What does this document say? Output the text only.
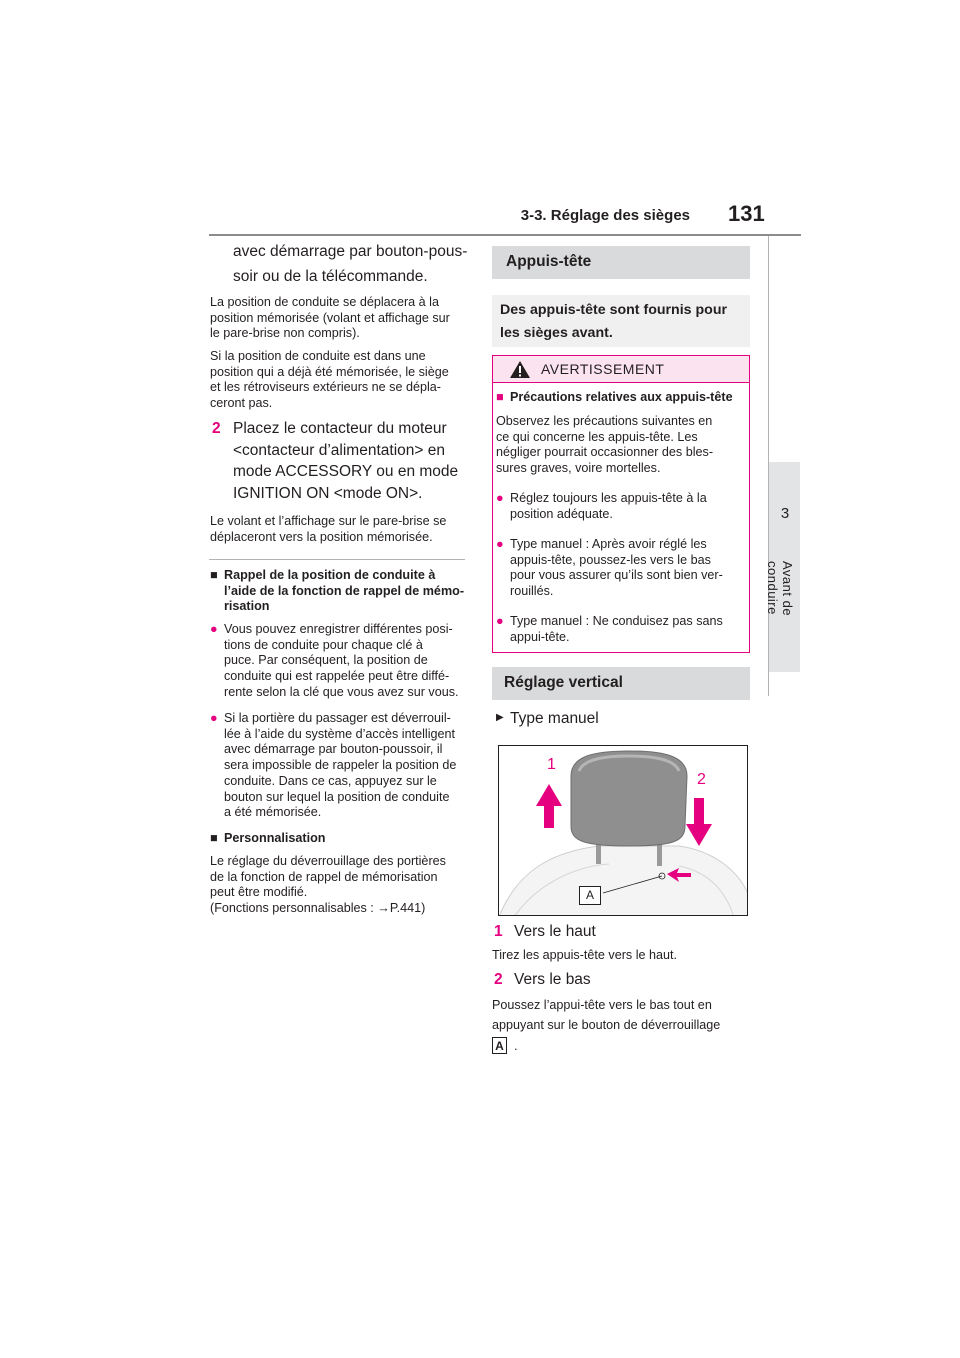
3-3. Réglage des sièges 131
3
Avant de conduire
avec démarrage par bouton-pous-
soir ou de la télécommande.
La position de conduite se déplacera à la
position mémorisée (volant et affichage sur
le pare-brise non compris).
Si la position de conduite est dans une
position qui a déjà été mémorisée, le siège
et les rétroviseurs extérieurs ne se dépla-
ceront pas.
2 Placez le contacteur du moteur
<contacteur d’alimentation> en
mode ACCESSORY ou en mode
IGNITION ON <mode ON>.
Le volant et l’affichage sur le pare-brise se
déplaceront vers la position mémorisée.
■ Rappel de la position de conduite à
l’aide de la fonction de rappel de mémo-
risation
● Vous pouvez enregistrer différentes posi-
tions de conduite pour chaque clé à
puce. Par conséquent, la position de
conduite qui est rappelée peut être diffé-
rente selon la clé que vous avez sur vous.
● Si la portière du passager est déverrouil-
lée à l’aide du système d’accès intelligent
avec démarrage par bouton-poussoir, il
sera impossible de rappeler la position de
conduite. Dans ce cas, appuyez sur le
bouton sur lequel la position de conduite
a été mémorisée.
■ Personnalisation
Le réglage du déverrouillage des portières
de la fonction de rappel de mémorisation
peut être modifié.
(Fonctions personnalisables : →P.441)
Appuis-tête
Des appuis-tête sont fournis pour
les sièges avant.
AVERTISSEMENT
■ Précautions relatives aux appuis-tête
Observez les précautions suivantes en
ce qui concerne les appuis-tête. Les
négliger pourrait occasionner des bles-
sures graves, voire mortelles.
● Réglez toujours les appuis-tête à la
position adéquate.
● Type manuel : Après avoir réglé les
appuis-tête, poussez-les vers le bas
pour vous assurer qu’ils sont bien ver-
rouillés.
● Type manuel : Ne conduisez pas sans
appui-tête.
Réglage vertical
▶ Type manuel
1
2
A
1 Vers le haut
Tirez les appuis-tête vers le haut.
2 Vers le bas
Poussez l’appui-tête vers le bas tout en
appuyant sur le bouton de déverrouillage
A .
